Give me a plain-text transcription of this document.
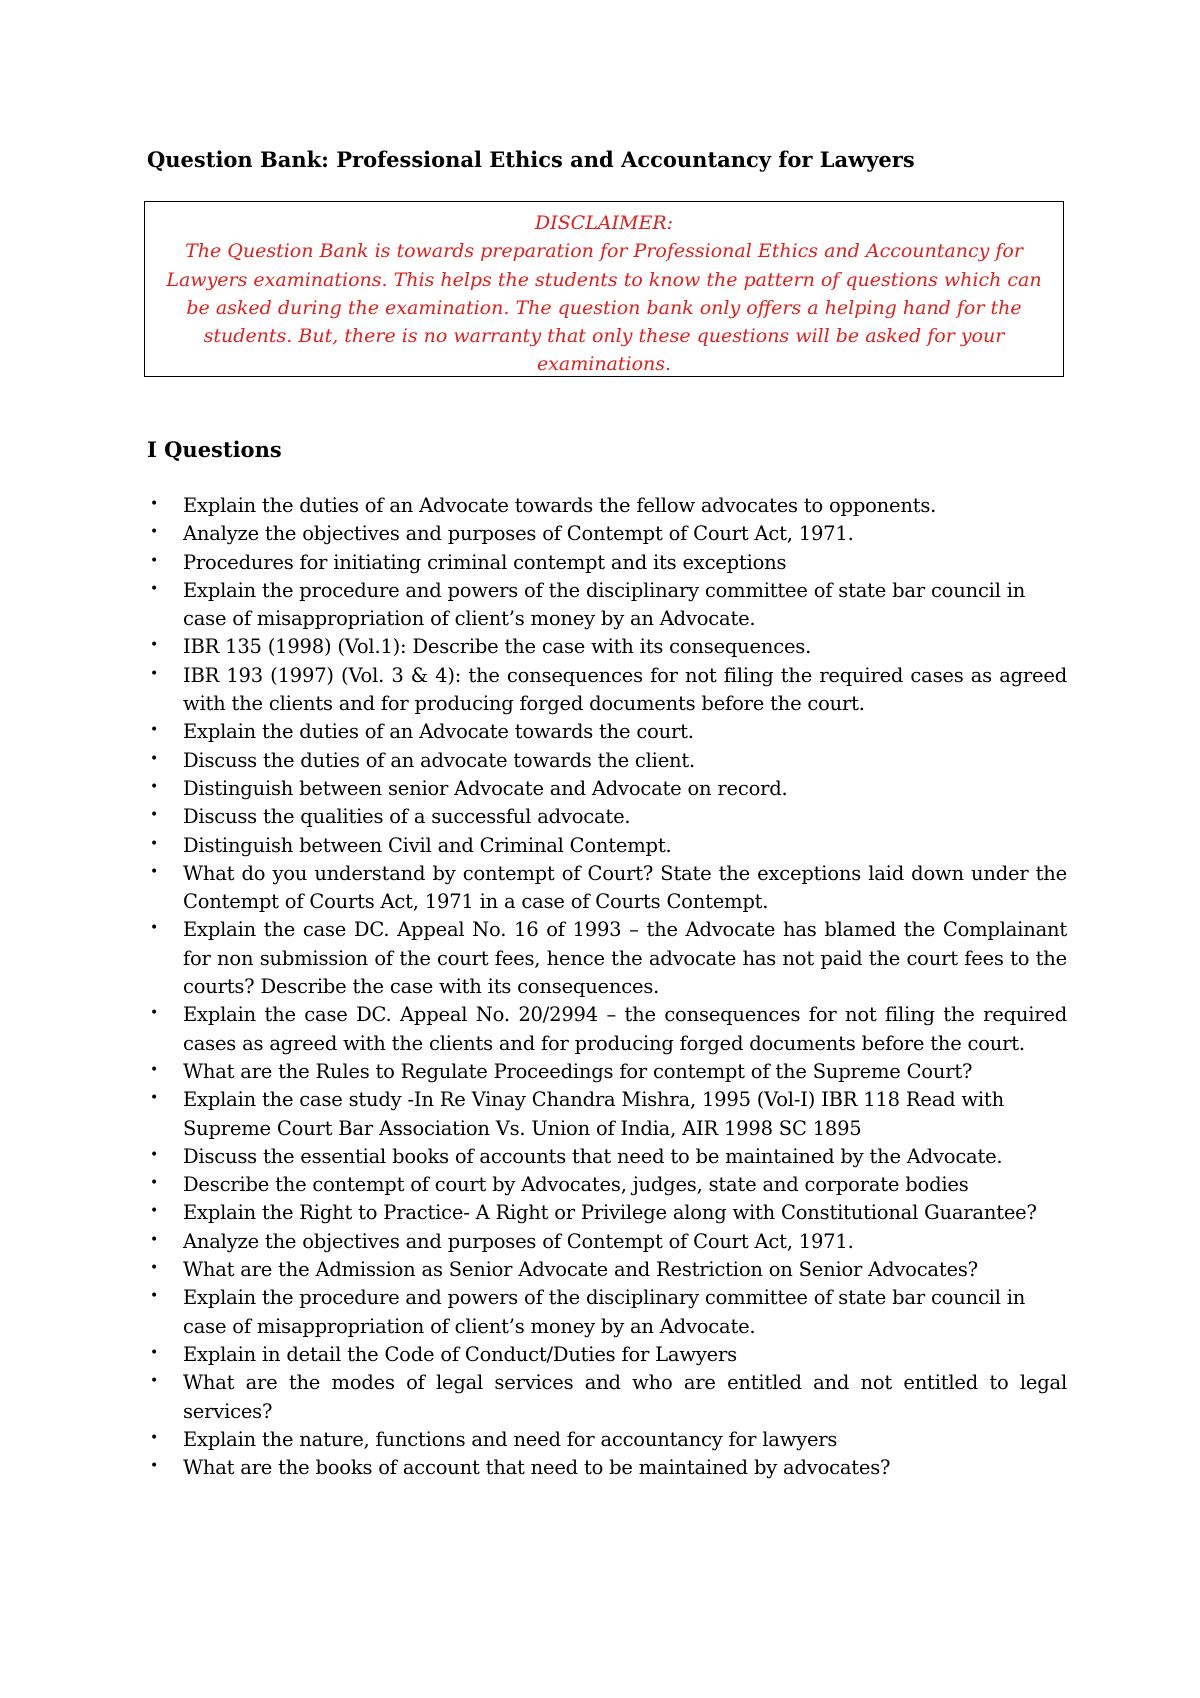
Question Bank: Professional Ethics and Accountancy for Lawyers

DISCLAIMER:

The Question Bank is towards preparation for Professional Ethics and Accountancy for Lawyers examinations. This helps the students to know the pattern of questions which can be asked during the examination. The question bank only offers a helping hand for the students. But, there is no warranty that only these questions will be asked for your examinations.

I Questions
• Explain the duties of an Advocate towards the fellow advocates to opponents.
• Analyze the objectives and purposes of Contempt of Court Act, 1971.
• Procedures for initiating criminal contempt and its exceptions
• Explain the procedure and powers of the disciplinary committee of state bar council in case of misappropriation of client’s money by an Advocate.
• IBR 135 (1998) (Vol.1): Describe the case with its consequences.
• IBR 193 (1997) (Vol. 3 & 4): the consequences for not filing the required cases as agreed with the clients and for producing forged documents before the court.
• Explain the duties of an Advocate towards the court.
• Discuss the duties of an advocate towards the client.
• Distinguish between senior Advocate and Advocate on record.
• Discuss the qualities of a successful advocate.
• Distinguish between Civil and Criminal Contempt.
• What do you understand by contempt of Court? State the exceptions laid down under the Contempt of Courts Act, 1971 in a case of Courts Contempt.
• Explain the case DC. Appeal No. 16 of 1993 – the Advocate has blamed the Complainant for non submission of the court fees, hence the advocate has not paid the court fees to the courts? Describe the case with its consequences.
• Explain the case DC. Appeal No. 20/2994 – the consequences for not filing the required cases as agreed with the clients and for producing forged documents before the court.
• What are the Rules to Regulate Proceedings for contempt of the Supreme Court?
• Explain the case study -In Re Vinay Chandra Mishra, 1995 (Vol-I) IBR 118 Read with Supreme Court Bar Association Vs. Union of India, AIR 1998 SC 1895
• Discuss the essential books of accounts that need to be maintained by the Advocate.
• Describe the contempt of court by Advocates, judges, state and corporate bodies
• Explain the Right to Practice- A Right or Privilege along with Constitutional Guarantee?
• Analyze the objectives and purposes of Contempt of Court Act, 1971.
• What are the Admission as Senior Advocate and Restriction on Senior Advocates?
• Explain the procedure and powers of the disciplinary committee of state bar council in case of misappropriation of client’s money by an Advocate.
• Explain in detail the Code of Conduct/Duties for Lawyers
• What are the modes of legal services and who are entitled and not entitled to legal services?
• Explain the nature, functions and need for accountancy for lawyers
• What are the books of account that need to be maintained by advocates?
